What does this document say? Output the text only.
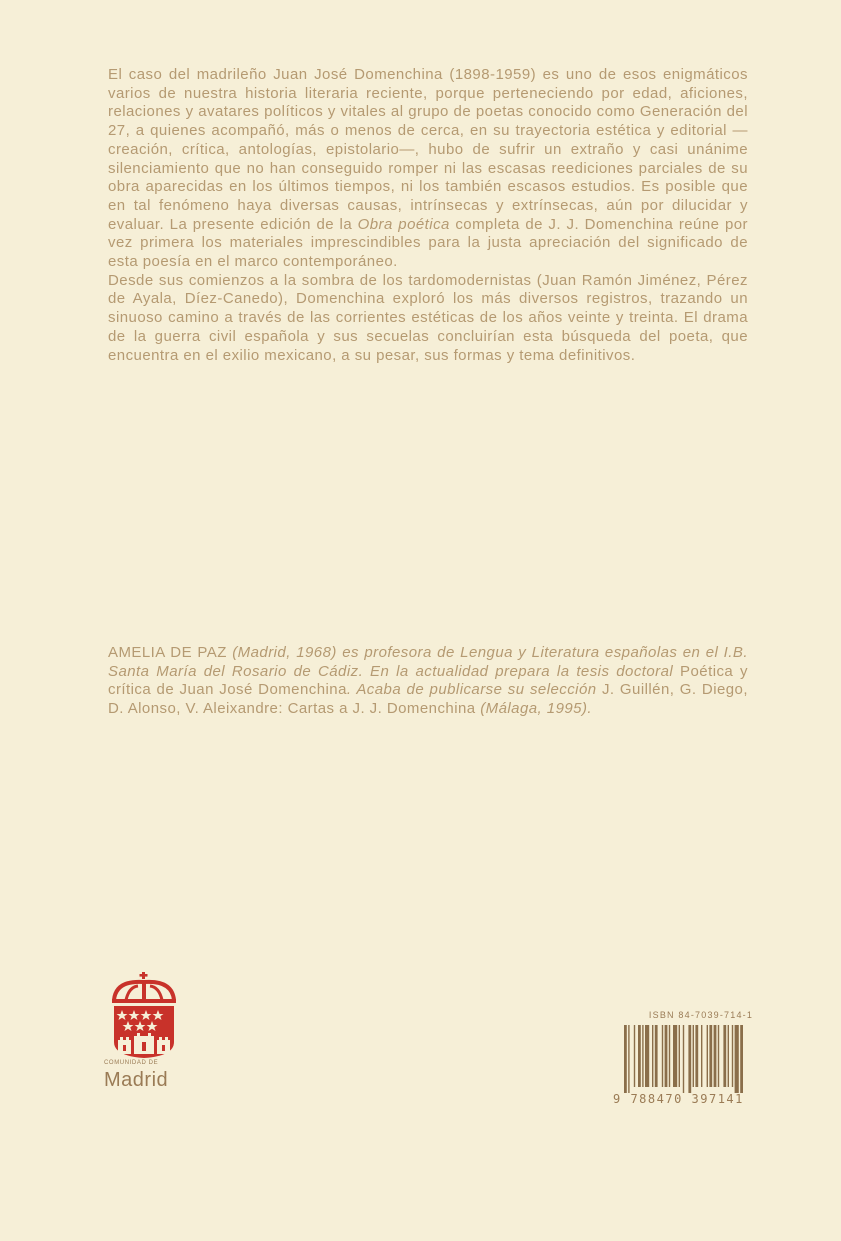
El caso del madrileño Juan José Domenchina (1898-1959) es uno de esos enigmáticos varios de nuestra historia literaria reciente, porque perteneciendo por edad, aficiones, relaciones y avatares políticos y vitales al grupo de poetas conocido como Generación del 27, a quienes acompañó, más o menos de cerca, en su trayectoria estética y editorial —creación, crítica, antologías, epistolario—, hubo de sufrir un extraño y casi unánime silenciamiento que no han conseguido romper ni las escasas reediciones parciales de su obra aparecidas en los últimos tiempos, ni los también escasos estudios. Es posible que en tal fenómeno haya diversas causas, intrínsecas y extrínsecas, aún por dilucidar y evaluar. La presente edición de la Obra poética completa de J. J. Domenchina reúne por vez primera los materiales imprescindibles para la justa apreciación del significado de esta poesía en el marco contemporáneo.

Desde sus comienzos a la sombra de los tardomodernistas (Juan Ramón Jiménez, Pérez de Ayala, Díez-Canedo), Domenchina exploró los más diversos registros, trazando un sinuoso camino a través de las corrientes estéticas de los años veinte y treinta. El drama de la guerra civil española y sus secuelas concluirían esta búsqueda del poeta, que encuentra en el exilio mexicano, a su pesar, sus formas y tema definitivos.

AMELIA DE PAZ (Madrid, 1968) es profesora de Lengua y Literatura españolas en el I.B. Santa María del Rosario de Cádiz. En la actualidad prepara la tesis doctoral Poética y crítica de Juan José Domenchina. Acaba de publicarse su selección J. Guillén, G. Diego, D. Alonso, V. Aleixandre: Cartas a J. J. Domenchina (Málaga, 1995).
COMUNIDAD DE
Madrid
ISBN 84-7039-714-1
9 788470 397141
